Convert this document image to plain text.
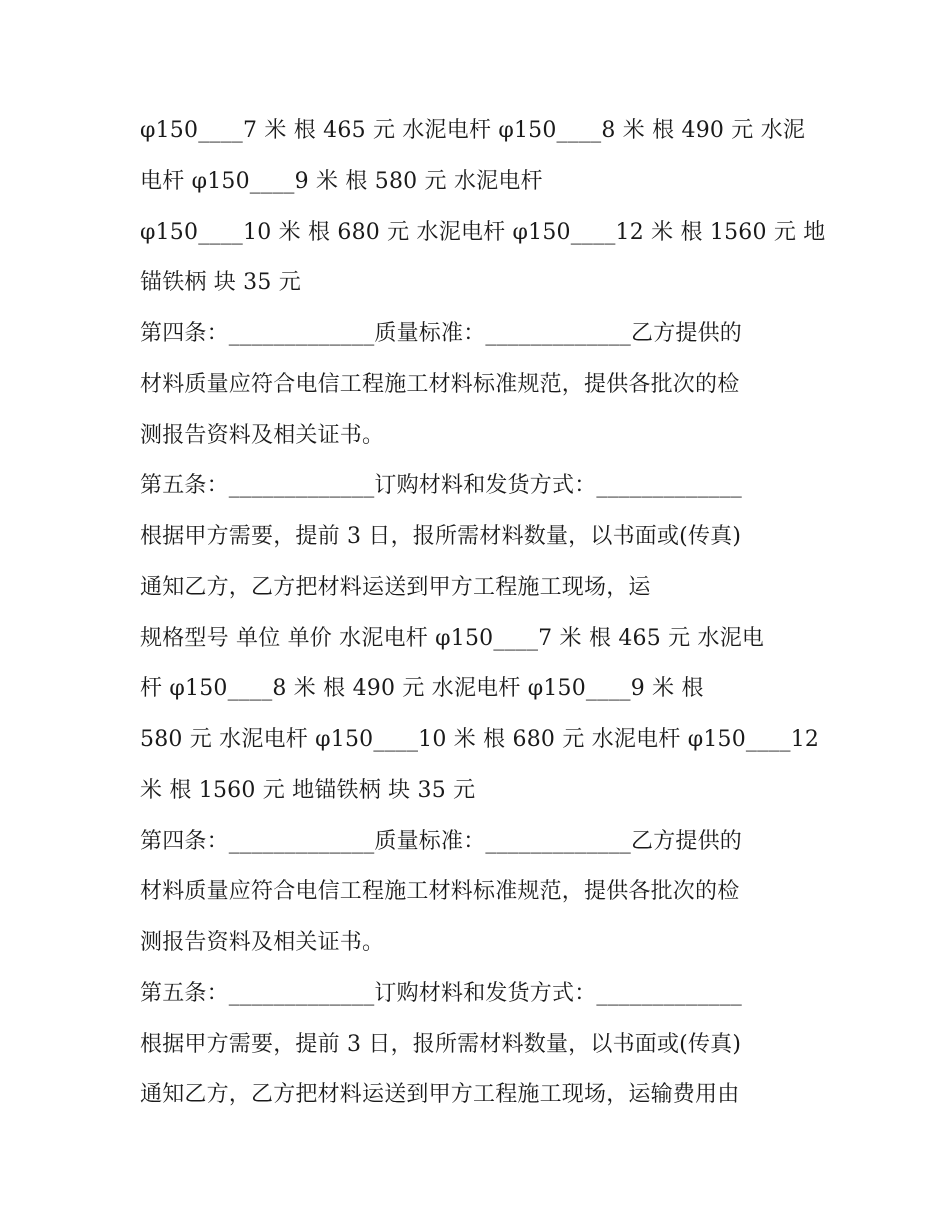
φ150____7 米 根 465 元 水泥电杆 φ150____8 米 根 490 元 水泥
电杆 φ150____9 米 根 580 元 水泥电杆
φ150____10 米 根 680 元 水泥电杆 φ150____12 米 根 1560 元 地
锚铁柄 块 35 元
第四条：_____________质量标准：_____________乙方提供的
材料质量应符合电信工程施工材料标准规范，提供各批次的检
测报告资料及相关证书。
第五条：_____________订购材料和发货方式：_____________
根据甲方需要，提前 3 日，报所需材料数量，以书面或(传真)
通知乙方，乙方把材料运送到甲方工程施工现场，运
规格型号 单位 单价 水泥电杆 φ150____7 米 根 465 元 水泥电
杆 φ150____8 米 根 490 元 水泥电杆 φ150____9 米 根
580 元 水泥电杆 φ150____10 米 根 680 元 水泥电杆 φ150____12
米 根 1560 元 地锚铁柄 块 35 元
第四条：_____________质量标准：_____________乙方提供的
材料质量应符合电信工程施工材料标准规范，提供各批次的检
测报告资料及相关证书。
第五条：_____________订购材料和发货方式：_____________
根据甲方需要，提前 3 日，报所需材料数量，以书面或(传真)
通知乙方，乙方把材料运送到甲方工程施工现场，运输费用由
